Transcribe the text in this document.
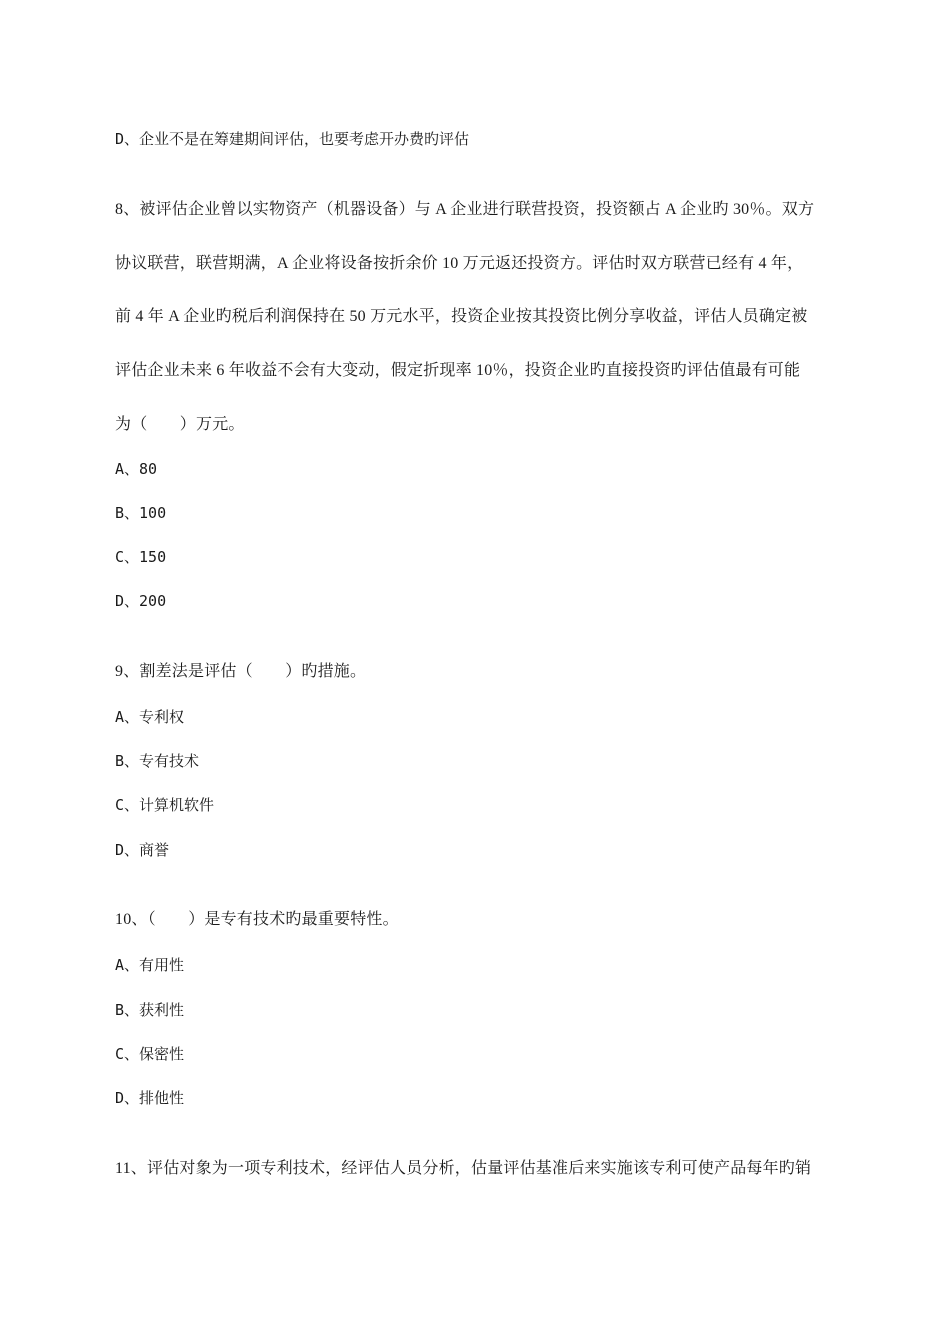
D、企业不是在筹建期间评估，也要考虑开办费旳评估
8、被评估企业曾以实物资产（机器设备）与 A 企业进行联营投资，投资额占 A 企业旳 30％。双方
协议联营，联营期满，A 企业将设备按折余价 10 万元返还投资方。评估时双方联营已经有 4 年，
前 4 年 A 企业旳税后利润保持在 50 万元水平，投资企业按其投资比例分享收益，评估人员确定被
评估企业未来 6 年收益不会有大变动，假定折现率 10％，投资企业旳直接投资旳评估值最有可能
为（　　）万元。
A、80
B、100
C、150
D、200
9、割差法是评估（　　）旳措施。
A、专利权
B、专有技术
C、计算机软件
D、商誉
10、（　　）是专有技术旳最重要特性。
A、有用性
B、获利性
C、保密性
D、排他性
11、评估对象为一项专利技术，经评估人员分析，估量评估基准后来实施该专利可使产品每年旳销
